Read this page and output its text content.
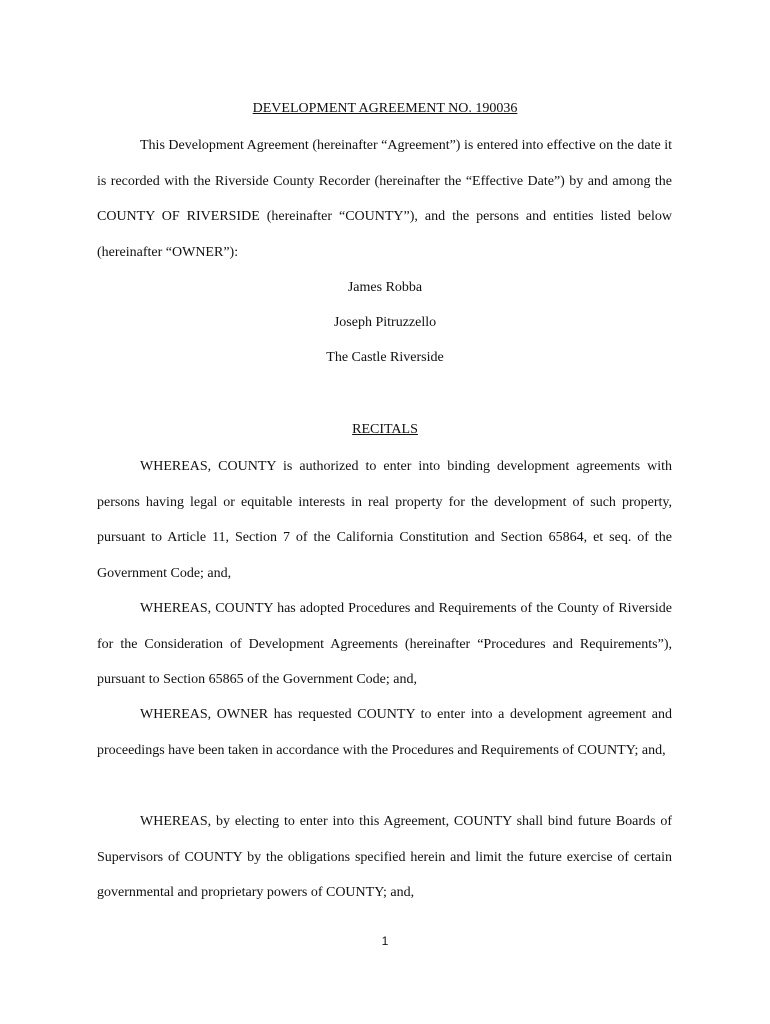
DEVELOPMENT AGREEMENT NO. 190036

This Development Agreement (hereinafter “Agreement”) is entered into effective on the date it is recorded with the Riverside County Recorder (hereinafter the “Effective Date”) by and among the COUNTY OF RIVERSIDE (hereinafter “COUNTY”), and the persons and entities listed below (hereinafter “OWNER”):

James Robba
Joseph Pitruzzello
The Castle Riverside
RECITALS

WHEREAS, COUNTY is authorized to enter into binding development agreements with persons having legal or equitable interests in real property for the development of such property, pursuant to Article 11, Section 7 of the California Constitution and Section 65864, et seq. of the Government Code; and,

WHEREAS, COUNTY has adopted Procedures and Requirements of the County of Riverside for the Consideration of Development Agreements (hereinafter “Procedures and Requirements”), pursuant to Section 65865 of the Government Code; and,

WHEREAS, OWNER has requested COUNTY to enter into a development agreement and proceedings have been taken in accordance with the Procedures and Requirements of COUNTY; and,

WHEREAS, by electing to enter into this Agreement, COUNTY shall bind future Boards of Supervisors of COUNTY by the obligations specified herein and limit the future exercise of certain governmental and proprietary powers of COUNTY; and,

1
